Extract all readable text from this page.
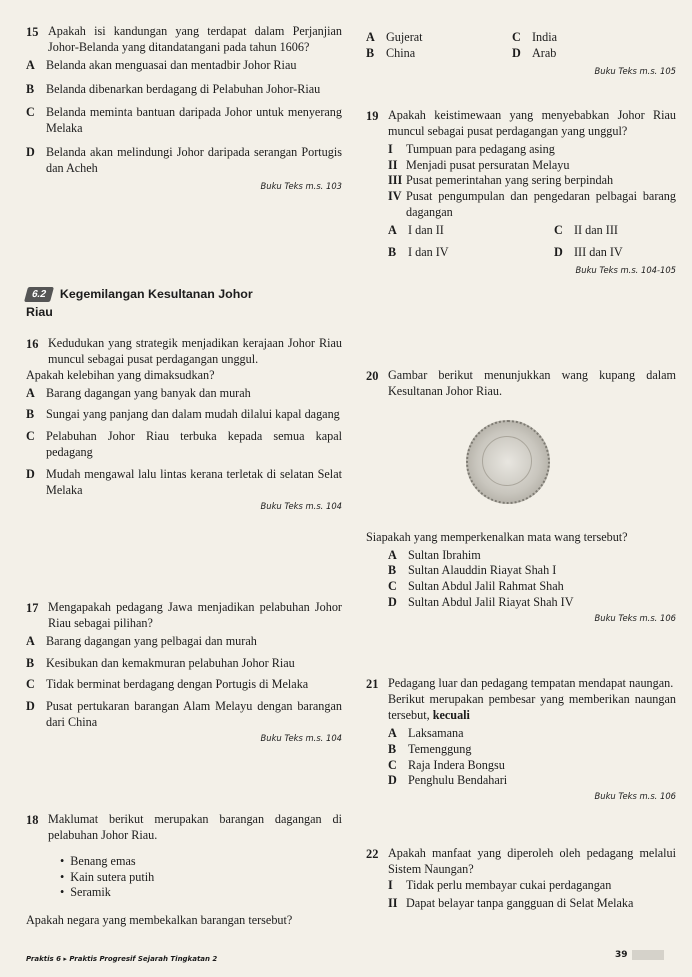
15 Apakah isi kandungan yang terdapat dalam Perjanjian Johor-Belanda yang ditandatangani pada tahun 1606?
A Belanda akan menguasai dan mentadbir Johor Riau
B Belanda dibenarkan berdagang di Pelabuhan Johor-Riau
C Belanda meminta bantuan daripada Johor untuk menyerang Melaka
D Belanda akan melindungi Johor daripada serangan Portugis dan Acheh
Buku Teks m.s. 103
6.2	Kegemilangan Kesultanan Johor
Riau
16 Kedudukan yang strategik menjadikan kerajaan Johor Riau muncul sebagai pusat perdagangan unggul.
Apakah kelebihan yang dimaksudkan?
A Barang dagangan yang banyak dan murah
B Sungai yang panjang dan dalam mudah dilalui kapal dagang
C Pelabuhan Johor Riau terbuka kepada semua kapal pedagang
D Mudah mengawal lalu lintas kerana terletak di selatan Selat Melaka
Buku Teks m.s. 104
17 Mengapakah pedagang Jawa menjadikan pelabuhan Johor Riau sebagai pilihan?
A Barang dagangan yang pelbagai dan murah
B Kesibukan dan kemakmuran pelabuhan Johor Riau
C Tidak berminat berdagang dengan Portugis di Melaka
D Pusat pertukaran barangan Alam Melayu dengan barangan dari China
Buku Teks m.s. 104
18 Maklumat berikut merupakan barangan dagangan di pelabuhan Johor Riau.
• Benang emas
• Kain sutera putih
• Seramik
Apakah negara yang membekalkan barangan tersebut?
A Gujerat	C India
B China	D Arab
Buku Teks m.s. 105
19 Apakah keistimewaan yang menyebabkan Johor Riau muncul sebagai pusat perdagangan yang unggul?
I	Tumpuan para pedagang asing
II Menjadi pusat persuratan Melayu
III Pusat pemerintahan yang sering berpindah
IV Pusat pengumpulan dan pengedaran pelbagai barang dagangan
A I dan II	C II dan III
B I dan IV	D III dan IV
Buku Teks m.s. 104-105
20 Gambar berikut menunjukkan wang kupang dalam Kesultanan Johor Riau.
Siapakah yang memperkenalkan mata wang tersebut?
A Sultan Ibrahim
B Sultan Alauddin Riayat Shah I
C Sultan Abdul Jalil Rahmat Shah
D Sultan Abdul Jalil Riayat Shah IV
Buku Teks m.s. 106
21 Pedagang luar dan pedagang tempatan mendapat naungan.
Berikut merupakan pembesar yang memberikan naungan tersebut, kecuali
A Laksamana
B Temenggung
C Raja Indera Bongsu
D Penghulu Bendahari
Buku Teks m.s. 106
22 Apakah manfaat yang diperoleh oleh pedagang melalui Sistem Naungan?
I	Tidak perlu membayar cukai perdagangan
II Dapat belayar tanpa gangguan di Selat Melaka
Praktis 6 ▸ Praktis Progresif Sejarah Tingkatan 2	39
